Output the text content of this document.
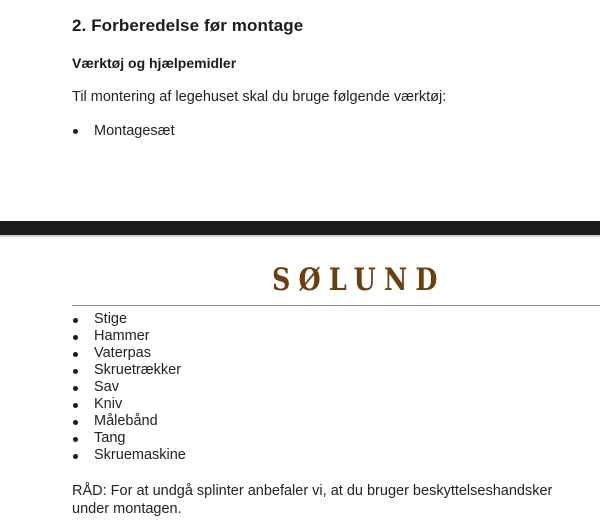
2. Forberedelse før montage
Værktøj og hjælpemidler

Til montering af legehuset skal du bruge følgende værktøj:

Montagesæt
SØLUND
Stige
Hammer
Vaterpas
Skruetrækker
Sav
Kniv
Målebånd
Tang
Skruemaskine

RÅD: For at undgå splinter anbefaler vi, at du bruger beskyttelseshandsker under montagen.
